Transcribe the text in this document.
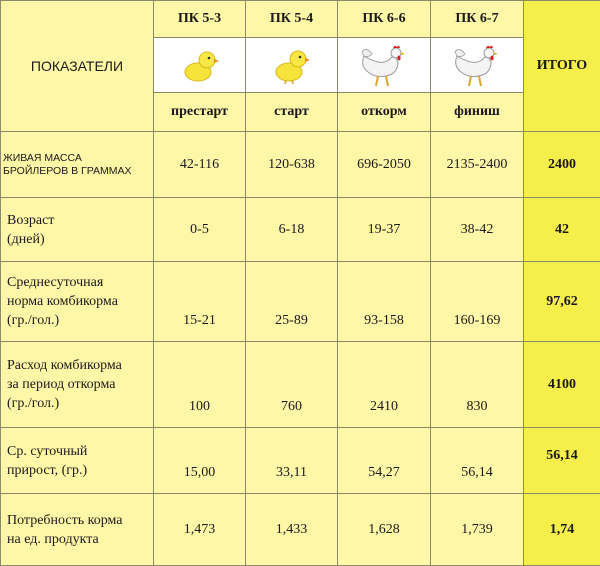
ПОКАЗАТЕЛИ	ПК 5-3	ПК 5-4	ПК 6-6	ПК 6-7	ИТОГО

	престарт	старт	откорм	финиш	
ЖИВАЯ МАССА
БРОЙЛЕРОВ В ГРАММАХ	42-116	120-638	696-2050	2135-2400	2400
Возраст
(дней)	0-5	6-18	19-37	38-42	42
Среднесуточная
норма комбикорма
(гр./гол.)	15-21	25-89	93-158	160-169	97,62
Расход комбикорма
за период откорма
(гр./гол.)	100	760	2410	830	4100
Ср. суточный
прирост, (гр.)	15,00	33,11	54,27	56,14	56,14
Потребность корма
на ед. продукта	1,473	1,433	1,628	1,739	1,74
